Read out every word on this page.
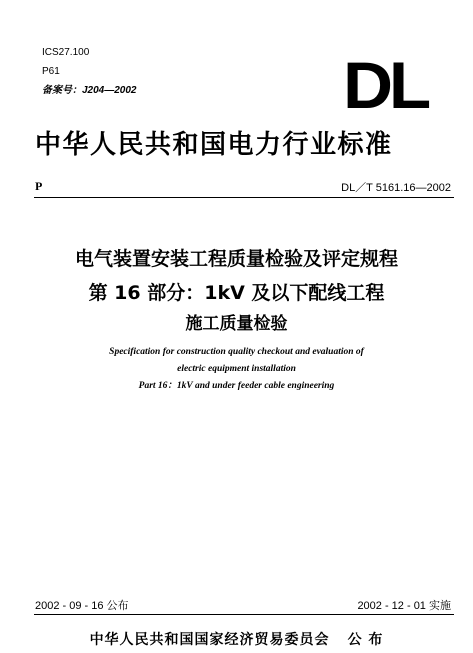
ICS27.100
P61
备案号：J204—2002	DL
中华人民共和国电力行业标准
P	DL／T 5161.16—2002
电气装置安装工程质量检验及评定规程
第 16 部分：1kV 及以下配线工程
施工质量检验
Specification for construction quality checkout and evaluation of
electric equipment installation
Part 16：1kV and under feeder cable engineering
2002 - 09 - 16 公布	2002 - 12 - 01 实施
中华人民共和国国家经济贸易委员会 公 布
